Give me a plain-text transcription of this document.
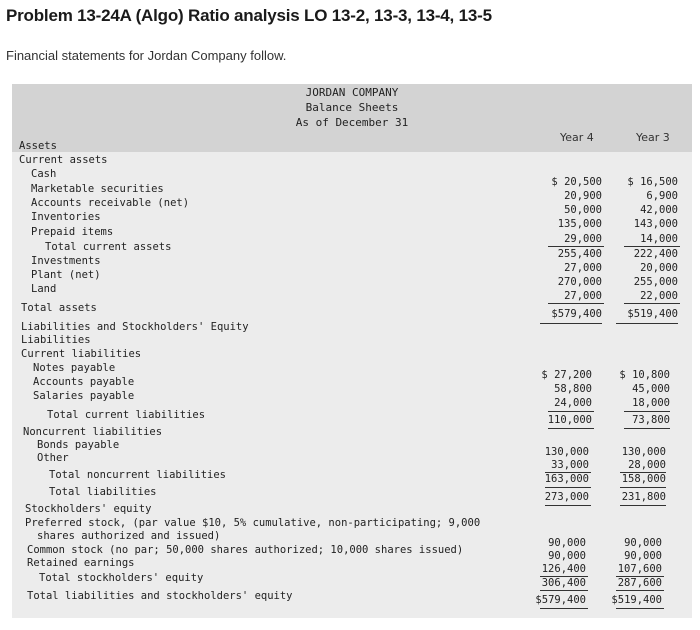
Problem 13-24A (Algo) Ratio analysis LO 13-2, 13-3, 13-4, 13-5
Financial statements for Jordan Company follow.
JORDAN COMPANY
Balance Sheets
As of December 31
Year 4	Year 3
Assets
Current assets
Cash
Marketable securities
Accounts receivable (net)
Inventories
Prepaid items
Total current assets
Investments
Plant (net)
Land
Total assets
Liabilities and Stockholders' Equity
Liabilities
Current liabilities
Notes payable
Accounts payable
Salaries payable
Total current liabilities
Noncurrent liabilities
Bonds payable
Other
Total noncurrent liabilities
Total liabilities
Stockholders' equity
Preferred stock, (par value $10, 5% cumulative, non-participating; 9,000
shares authorized and issued)
Common stock (no par; 50,000 shares authorized; 10,000 shares issued)
Retained earnings
Total stockholders' equity
Total liabilities and stockholders' equity
$ 20,500
20,900
50,000
135,000
29,000
255,400
27,000
270,000
27,000
$579,400
$ 27,200
58,800
24,000
110,000
130,000
33,000
163,000
273,000
90,000
90,000
126,400
306,400
$579,400
$ 16,500
6,900
42,000
143,000
14,000
222,400
20,000
255,000
22,000
$519,400
$ 10,800
45,000
18,000
73,800
130,000
28,000
158,000
231,800
90,000
90,000
107,600
287,600
$519,400
